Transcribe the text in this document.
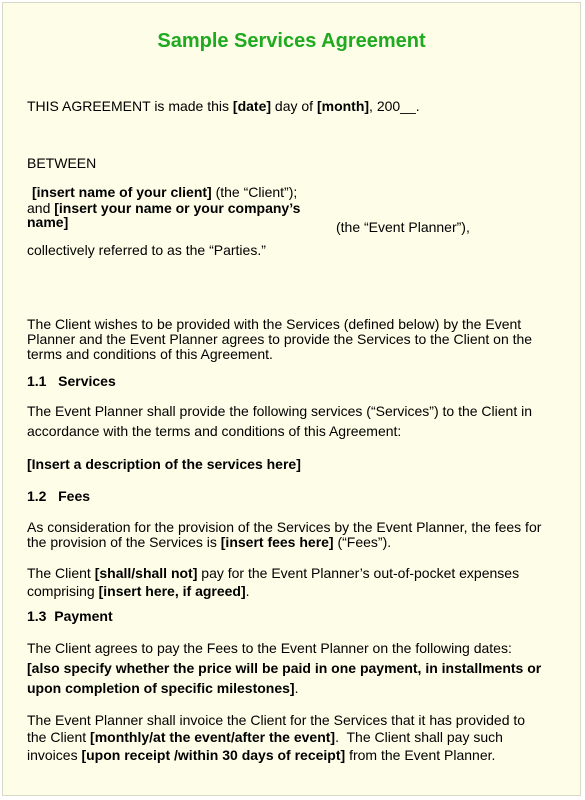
Sample Services Agreement
THIS AGREEMENT is made this [date] day of [month], 200__.
BETWEEN
[insert name of your client] (the “Client”);
and [insert your name or your company’s
name]	(the “Event Planner”),
collectively referred to as the “Parties.”
The Client wishes to be provided with the Services (defined below) by the Event
Planner and the Event Planner agrees to provide the Services to the Client on the
terms and conditions of this Agreement.
1.1   Services
The Event Planner shall provide the following services (“Services”) to the Client in
accordance with the terms and conditions of this Agreement:
[Insert a description of the services here]
1.2   Fees
As consideration for the provision of the Services by the Event Planner, the fees for
the provision of the Services is [insert fees here] (“Fees”).
The Client [shall/shall not] pay for the Event Planner’s out-of-pocket expenses
comprising [insert here, if agreed].
1.3  Payment
The Client agrees to pay the Fees to the Event Planner on the following dates:
[also specify whether the price will be paid in one payment, in installments or
upon completion of specific milestones].
The Event Planner shall invoice the Client for the Services that it has provided to
the Client [monthly/at the event/after the event].  The Client shall pay such
invoices [upon receipt /within 30 days of receipt] from the Event Planner.
